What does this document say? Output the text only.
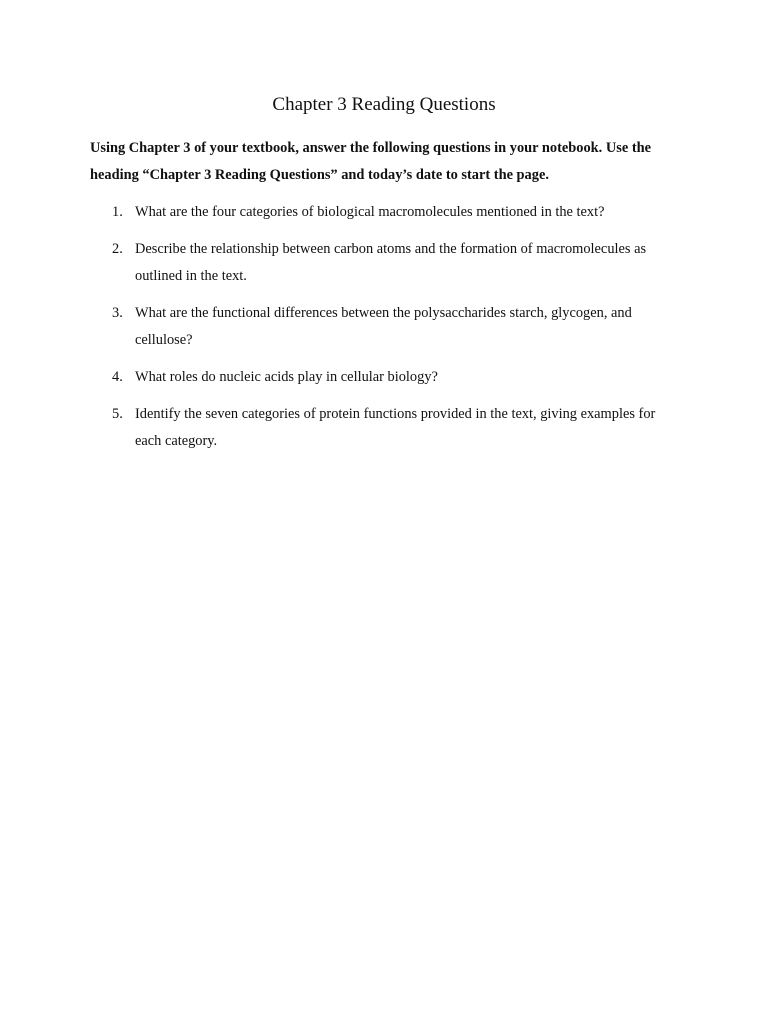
Chapter 3 Reading Questions

Using Chapter 3 of your textbook, answer the following questions in your notebook. Use the heading “Chapter 3 Reading Questions” and today’s date to start the page.

1. What are the four categories of biological macromolecules mentioned in the text?
2. Describe the relationship between carbon atoms and the formation of macromolecules as outlined in the text.
3. What are the functional differences between the polysaccharides starch, glycogen, and cellulose?
4. What roles do nucleic acids play in cellular biology?
5. Identify the seven categories of protein functions provided in the text, giving examples for each category.
